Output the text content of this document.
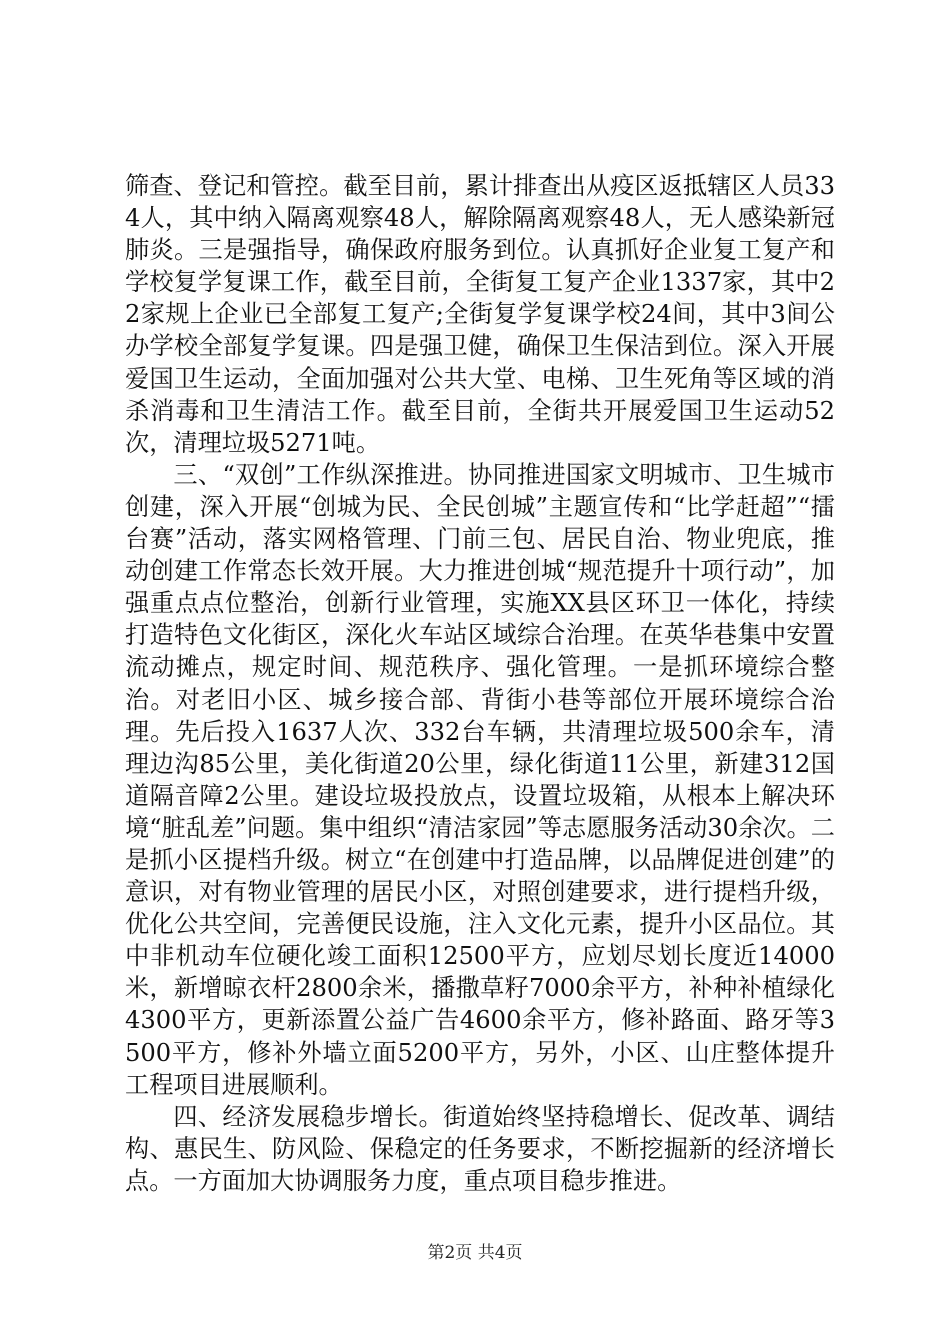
筛查、登记和管控。截至目前，累计排查出从疫区返抵辖区人员334人，其中纳入隔离观察48人，解除隔离观察48人，无人感染新冠肺炎。三是强指导，确保政府服务到位。认真抓好企业复工复产和学校复学复课工作，截至目前，全街复工复产企业1337家，其中22家规上企业已全部复工复产;全街复学复课学校24间，其中3间公办学校全部复学复课。四是强卫健，确保卫生保洁到位。深入开展爱国卫生运动，全面加强对公共大堂、电梯、卫生死角等区域的消杀消毒和卫生清洁工作。截至目前，全街共开展爱国卫生运动52次，清理垃圾5271吨。

三、“双创”工作纵深推进。协同推进国家文明城市、卫生城市创建，深入开展“创城为民、全民创城”主题宣传和“比学赶超”“擂台赛”活动，落实网格管理、门前三包、居民自治、物业兜底，推动创建工作常态长效开展。大力推进创城“规范提升十项行动”，加强重点点位整治，创新行业管理，实施XX县区环卫一体化，持续打造特色文化街区，深化火车站区域综合治理。在英华巷集中安置流动摊点，规定时间、规范秩序、强化管理。一是抓环境综合整治。对老旧小区、城乡接合部、背街小巷等部位开展环境综合治理。先后投入1637人次、332台车辆，共清理垃圾500余车，清理边沟85公里，美化街道20公里，绿化街道11公里，新建312国道隔音障2公里。建设垃圾投放点，设置垃圾箱，从根本上解决环境“脏乱差”问题。集中组织“清洁家园”等志愿服务活动30余次。二是抓小区提档升级。树立“在创建中打造品牌，以品牌促进创建”的意识，对有物业管理的居民小区，对照创建要求，进行提档升级，优化公共空间，完善便民设施，注入文化元素，提升小区品位。其中非机动车位硬化竣工面积12500平方，应划尽划长度近14000米，新增晾衣杆2800余米，播撒草籽7000余平方，补种补植绿化4300平方，更新添置公益广告4600余平方，修补路面、路牙等3500平方，修补外墙立面5200平方，另外，小区、山庄整体提升工程项目进展顺利。

四、经济发展稳步增长。街道始终坚持稳增长、促改革、调结构、惠民生、防风险、保稳定的任务要求，不断挖掘新的经济增长点。一方面加大协调服务力度，重点项目稳步推进。

第2页 共4页
